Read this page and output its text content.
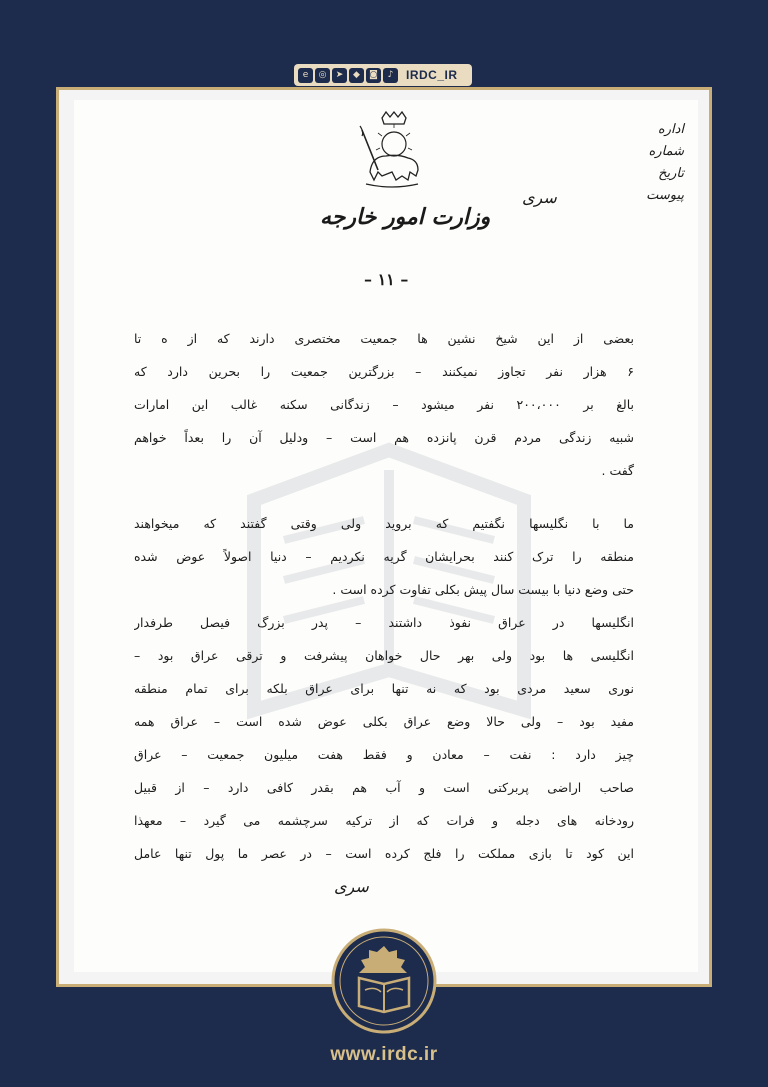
e	◎	➤	◆	◙	♪	IRDC_IR
اداره
شماره
تاریخ
پیوست
سری
وزارت امور خارجه
– ۱۱ –
بعضی از این شیخ نشین ها جمعیت مختصری دارند که از ه تا
۶ هزار نفر تجاوز نمیکنند – بزرگترین جمعیت را بحرین دارد که
بالغ بر ۲۰۰،۰۰۰ نفر میشود – زندگانی سکنه غالب این امارات
شبیه زندگی مردم قرن پانزده هم است – ودلیل آن را بعداً خواهم
گفت .
ما با نگلیسها نگفتیم که بروید ولی وقتی گفتند که میخواهند
منطقه را ترک کنند بحرایشان گریه نکردیم – دنیا اصولاً عوض شده
حتی وضع دنیا با بیست سال پیش بکلی تفاوت کرده است .
انگلیسها در عراق نفوذ داشتند – پدر بزرگ فیصل طرفدار
انگلیسی ها بود ولی بهر حال خواهان پیشرفت و ترقی عراق بود –
نوری سعید مردی بود که نه تنها برای عراق بلکه برای تمام منطقه
مفید بود – ولی حالا وضع عراق بکلی عوض شده است – عراق همه
چیز دارد : نفت – معادن و فقط هفت میلیون جمعیت – عراق
صاحب اراضی پربرکتی است و آب هم بقدر کافی دارد – از قبیل
رودخانه های دجله و فرات که از ترکیه سرچشمه می گیرد – معهذا
این کود تا بازی مملکت را فلج کرده است – در عصر ما پول تنها عامل
سری
www.irdc.ir
